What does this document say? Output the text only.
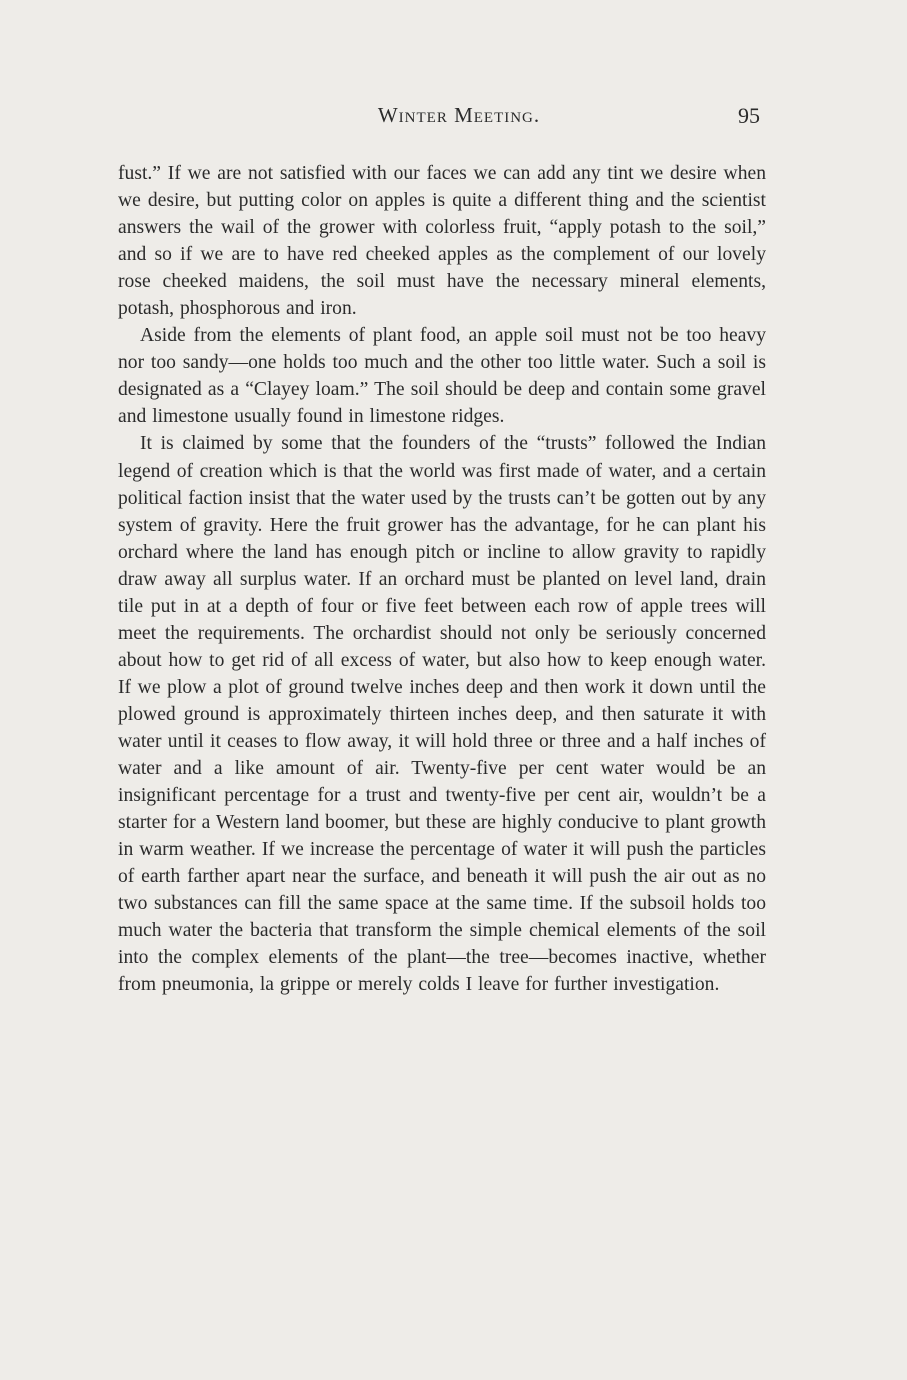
Winter Meeting.	95

fust.” If we are not satisfied with our faces we can add any tint we desire when we desire, but putting color on apples is quite a different thing and the scientist answers the wail of the grower with colorless fruit, “apply potash to the soil,” and so if we are to have red cheeked apples as the complement of our lovely rose cheeked maidens, the soil must have the necessary mineral elements, potash, phosphorous and iron.

Aside from the elements of plant food, an apple soil must not be too heavy nor too sandy—one holds too much and the other too little water. Such a soil is designated as a “Clayey loam.” The soil should be deep and contain some gravel and limestone usually found in limestone ridges.

It is claimed by some that the founders of the “trusts” followed the Indian legend of creation which is that the world was first made of water, and a certain political faction insist that the water used by the trusts can’t be gotten out by any system of gravity. Here the fruit grower has the advantage, for he can plant his orchard where the land has enough pitch or incline to allow gravity to rapidly draw away all surplus water. If an orchard must be planted on level land, drain tile put in at a depth of four or five feet between each row of apple trees will meet the requirements. The orchardist should not only be seriously concerned about how to get rid of all excess of water, but also how to keep enough water. If we plow a plot of ground twelve inches deep and then work it down until the plowed ground is approximately thirteen inches deep, and then saturate it with water until it ceases to flow away, it will hold three or three and a half inches of water and a like amount of air. Twenty-five per cent water would be an insignificant percentage for a trust and twenty-five per cent air, wouldn’t be a starter for a Western land boomer, but these are highly conducive to plant growth in warm weather. If we increase the percentage of water it will push the particles of earth farther apart near the surface, and beneath it will push the air out as no two substances can fill the same space at the same time. If the subsoil holds too much water the bacteria that transform the simple chemical elements of the soil into the complex elements of the plant—the tree—becomes inactive, whether from pneumonia, la grippe or merely colds I leave for further investigation.
